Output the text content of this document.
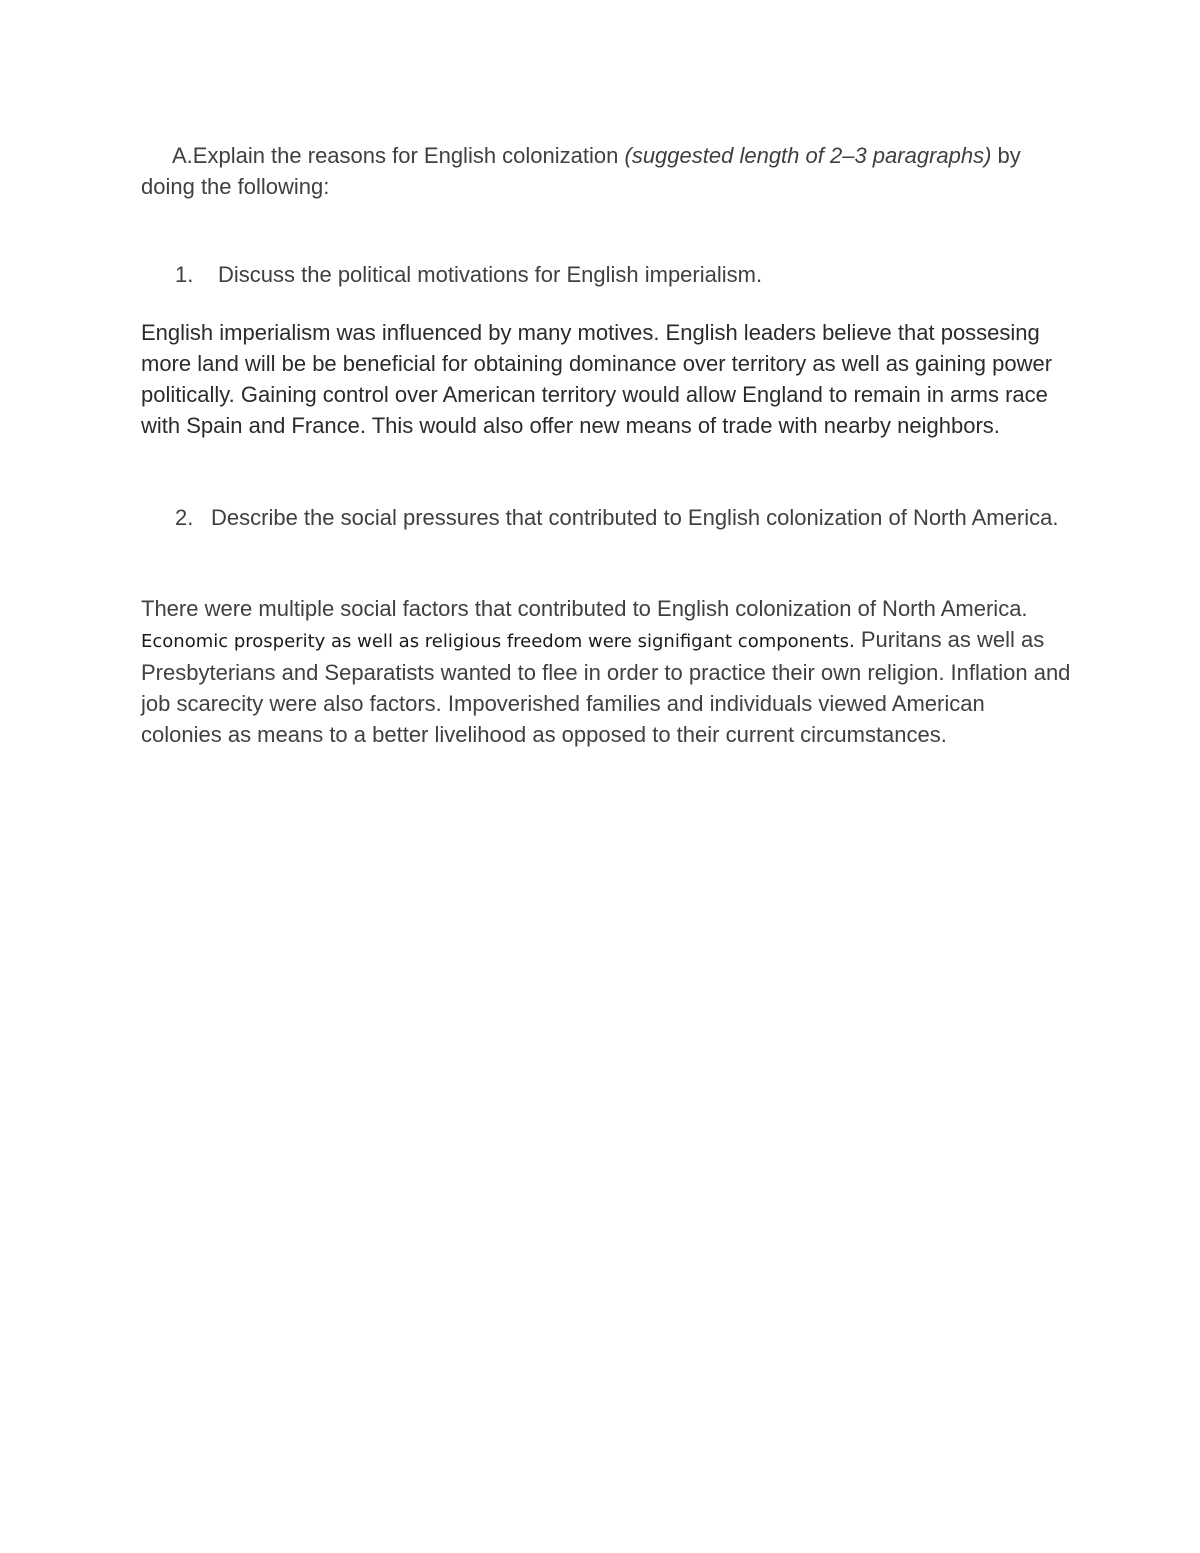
A.Explain the reasons for English colonization (suggested length of 2–3 paragraphs) by doing the following:
1.	Discuss the political motivations for English imperialism.

English imperialism was influenced by many motives. English leaders believe that possesing more land will be be beneficial for obtaining dominance over territory as well as gaining power politically. Gaining control over American territory would allow England to remain in arms race with Spain and France. This would also offer new means of trade with nearby neighbors.

2. Describe the social pressures that contributed to English colonization of North America.

There were multiple social factors that contributed to English colonization of North America. Economic prosperity as well as religious freedom were signifigant components. Puritans as well as Presbyterians and Separatists wanted to flee in order to practice their own religion. Inflation and job scarecity were also factors. Impoverished families and individuals viewed American colonies as means to a better livelihood as opposed to their current circumstances.
